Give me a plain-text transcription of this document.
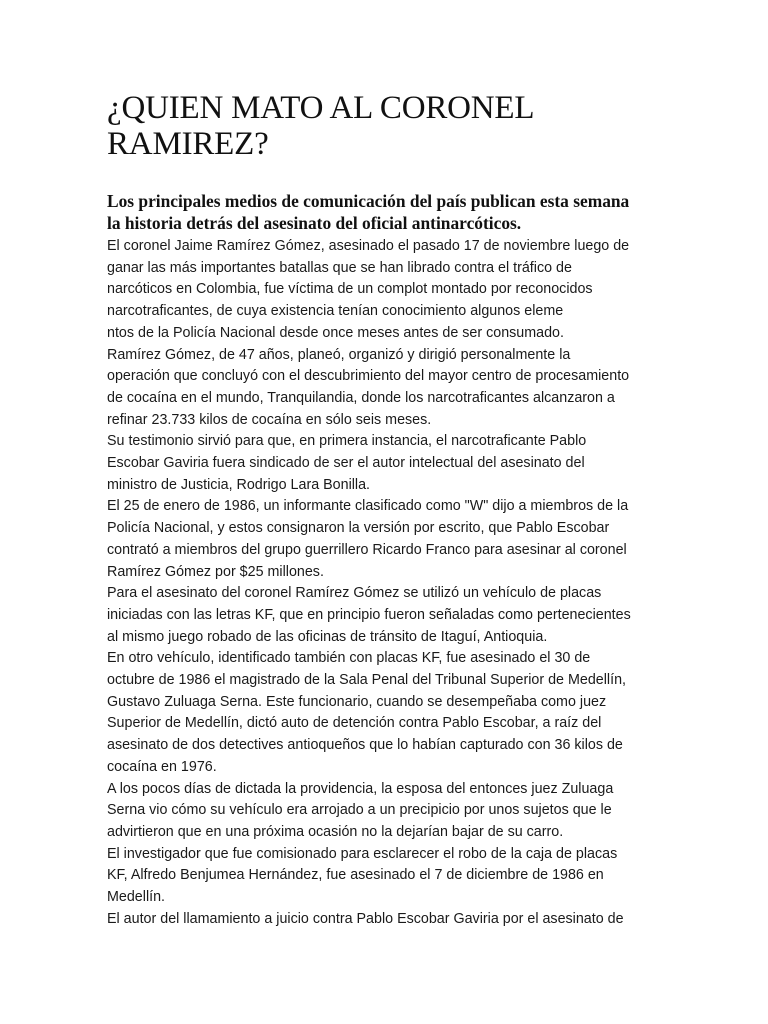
¿QUIEN MATO AL CORONEL
RAMIREZ?

Los principales medios de comunicación del país publican esta semana
la historia detrás del asesinato del oficial antinarcóticos.

El coronel Jaime Ramírez Gómez, asesinado el pasado 17 de noviembre luego de
ganar las más importantes batallas que se han librado contra el tráfico de
narcóticos en Colombia, fue víctima de un complot montado por reconocidos
narcotraficantes, de cuya existencia tenían conocimiento algunos eleme
ntos de la Policía Nacional desde once meses antes de ser consumado.
Ramírez Gómez, de 47 años, planeó, organizó y dirigió personalmente la
operación que concluyó con el descubrimiento del mayor centro de procesamiento
de cocaína en el mundo, Tranquilandia, donde los narcotraficantes alcanzaron a
refinar 23.733 kilos de cocaína en sólo seis meses.
Su testimonio sirvió para que, en primera instancia, el narcotraficante Pablo
Escobar Gaviria fuera sindicado de ser el autor intelectual del asesinato del
ministro de Justicia, Rodrigo Lara Bonilla.
El 25 de enero de 1986, un informante clasificado como "W" dijo a miembros de la
Policía Nacional, y estos consignaron la versión por escrito, que Pablo Escobar
contrató a miembros del grupo guerrillero Ricardo Franco para asesinar al coronel
Ramírez Gómez por $25 millones.
Para el asesinato del coronel Ramírez Gómez se utilizó un vehículo de placas
iniciadas con las letras KF, que en principio fueron señaladas como pertenecientes
al mismo juego robado de las oficinas de tránsito de Itaguí, Antioquia.
En otro vehículo, identificado también con placas KF, fue asesinado el 30 de
octubre de 1986 el magistrado de la Sala Penal del Tribunal Superior de Medellín,
Gustavo Zuluaga Serna. Este funcionario, cuando se desempeñaba como juez
Superior de Medellín, dictó auto de detención contra Pablo Escobar, a raíz del
asesinato de dos detectives antioqueños que lo habían capturado con 36 kilos de
cocaína en 1976.
A los pocos días de dictada la providencia, la esposa del entonces juez Zuluaga
Serna vio cómo su vehículo era arrojado a un precipicio por unos sujetos que le
advirtieron que en una próxima ocasión no la dejarían bajar de su carro.
El investigador que fue comisionado para esclarecer el robo de la caja de placas
KF, Alfredo Benjumea Hernández, fue asesinado el 7 de diciembre de 1986 en
Medellín.
El autor del llamamiento a juicio contra Pablo Escobar Gaviria por el asesinato de
